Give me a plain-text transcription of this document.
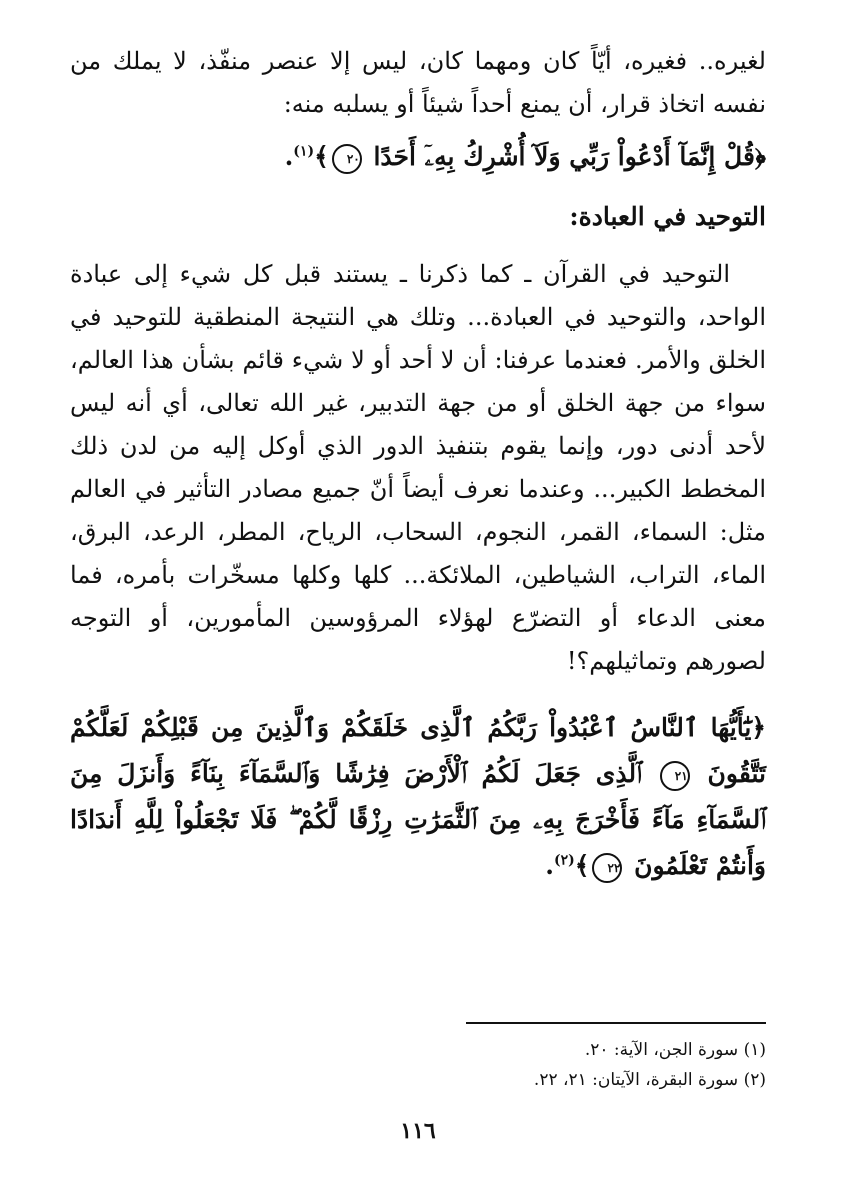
لغيره.. فغيره، أيّاً كان ومهما كان، ليس إلا عنصر منفّذ، لا يملك من نفسه اتخاذ قرار، أن يمنع أحداً شيئاً أو يسلبه منه:

﴿قُلْ إِنَّمَآ أَدْعُواْ رَبِّي وَلَآ أُشْرِكُ بِهِۦٓ أَحَدًا ٢٠﴾$^{(١)}$.

التوحيد في العبادة:

التوحيد في القرآن ـ كما ذكرنا ـ يستند قبل كل شيء إلى عبادة الواحد، والتوحيد في العبادة... وتلك هي النتيجة المنطقية للتوحيد في الخلق والأمر. فعندما عرفنا: أن لا أحد أو لا شيء قائم بشأن هذا العالم، سواء من جهة الخلق أو من جهة التدبير، غير الله تعالى، أي أنه ليس لأحد أدنى دور، وإنما يقوم بتنفيذ الدور الذي أوكل إليه من لدن ذلك المخطط الكبير... وعندما نعرف أيضاً أنّ جميع مصادر التأثير في العالم مثل: السماء، القمر، النجوم، السحاب، الرياح، المطر، الرعد، البرق، الماء، التراب، الشياطين، الملائكة... كلها وكلها مسخّرات بأمره، فما معنى الدعاء أو التضرّع لهؤلاء المرؤوسين المأمورين، أو التوجه لصورهم وتماثيلهم؟!

﴿يَٰٓأَيُّهَا ٱلنَّاسُ ٱعْبُدُواْ رَبَّكُمُ ٱلَّذِى خَلَقَكُمْ وَٱلَّذِينَ مِن قَبْلِكُمْ لَعَلَّكُمْ تَتَّقُونَ ٢١ ٱلَّذِى جَعَلَ لَكُمُ ٱلْأَرْضَ فِرَٰشًا وَٱلسَّمَآءَ بِنَآءً وَأَنزَلَ مِنَ ٱلسَّمَآءِ مَآءً فَأَخْرَجَ بِهِۦ مِنَ ٱلثَّمَرَٰتِ رِزْقًا لَّكُمْ ۖ فَلَا تَجْعَلُواْ لِلَّهِ أَندَادًا وَأَنتُمْ تَعْلَمُونَ ٢٢﴾$^{(٢)}$.

(١) سورة الجن، الآية: ٢٠.

(٢) سورة البقرة، الآيتان: ٢١، ٢٢.

١١٦
